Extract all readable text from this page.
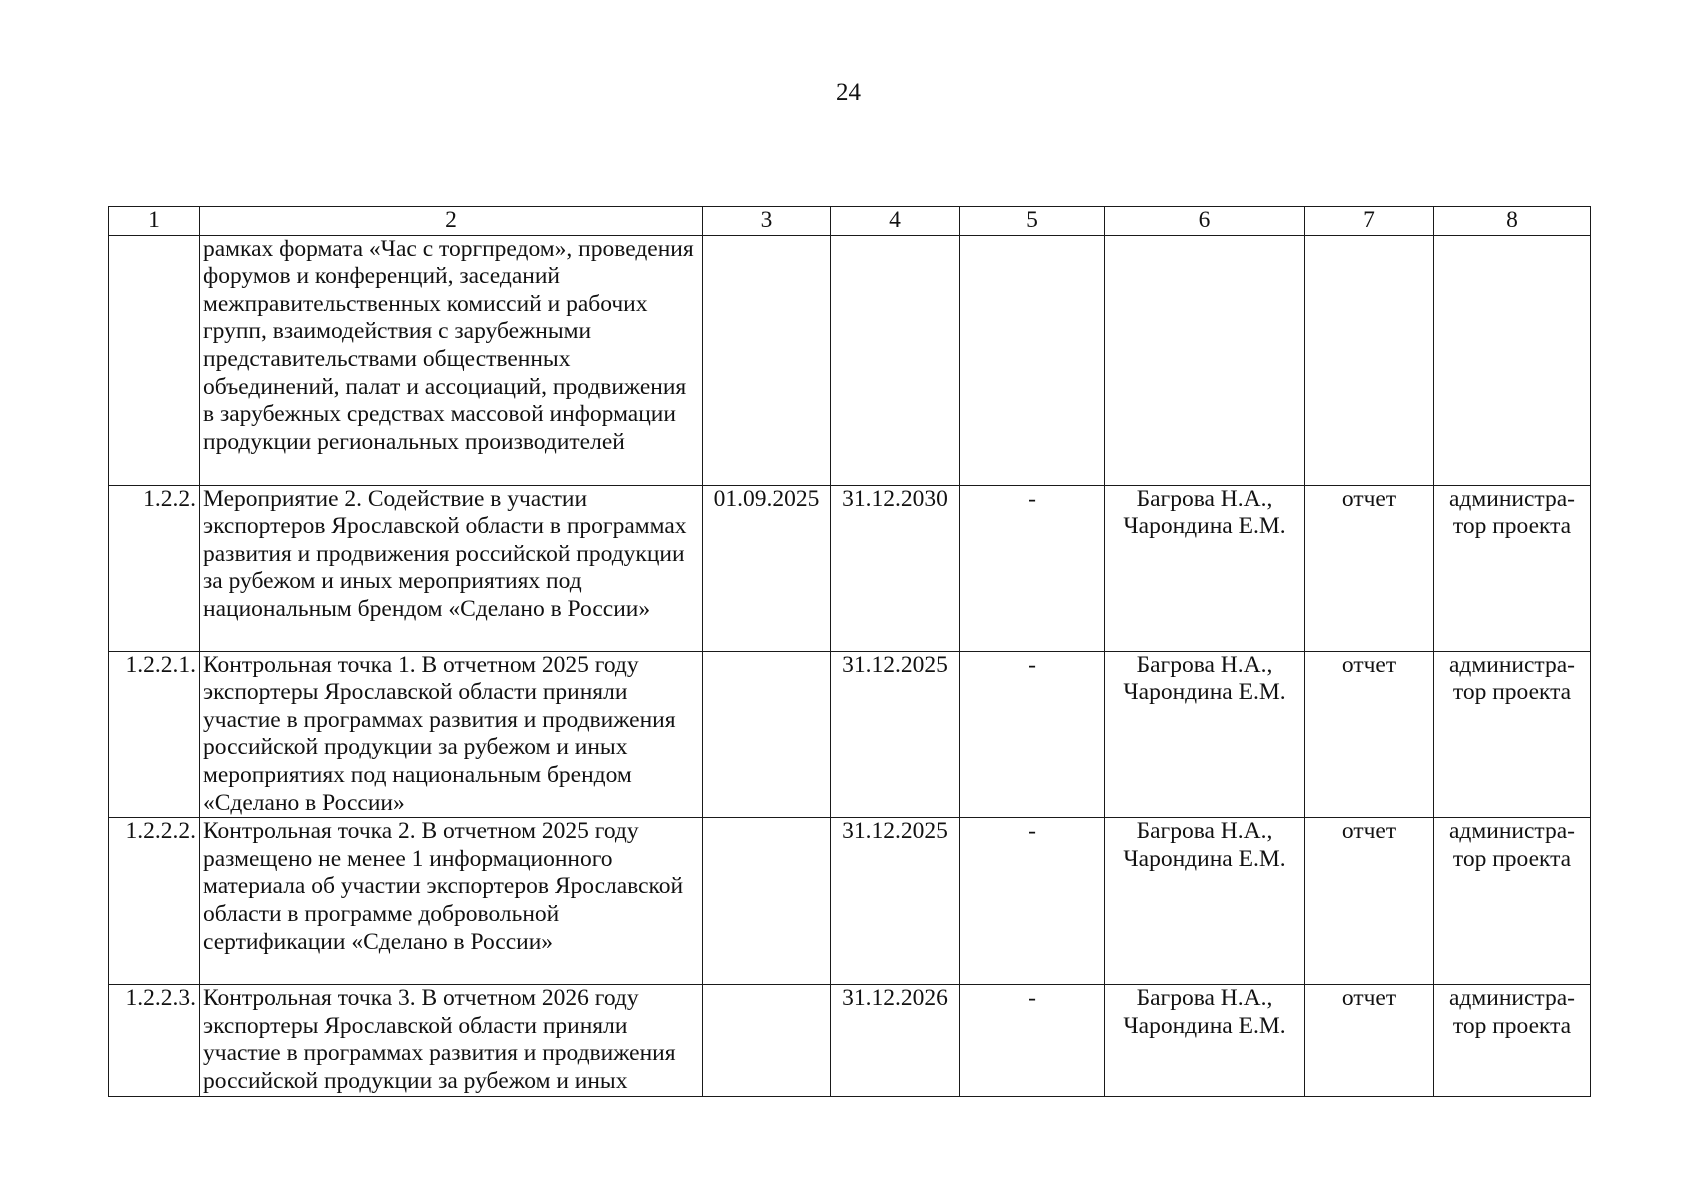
24
1	2	3	4	5	6	7	8
	рамках формата «Час с торгпредом», проведения форумов и конференций, заседаний межправительственных комиссий и рабочих групп, взаимодействия с зарубежными представительствами общественных объединений, палат и ассоциаций, продвижения в зарубежных средствах массовой информации продукции региональных производителей						
1.2.2.	Мероприятие 2. Содействие в участии экспортеров Ярославской области в программах развития и продвижения российской продукции за рубежом и иных мероприятиях под национальным брендом «Сделано в России»	01.09.2025	31.12.2030	-	Багрова Н.А., Чарондина Е.М.	отчет	администра-тор проекта
1.2.2.1.	Контрольная точка 1. В отчетном 2025 году экспортеры Ярославской области приняли участие в программах развития и продвижения российской продукции за рубежом и иных мероприятиях под национальным брендом «Сделано в России»		31.12.2025	-	Багрова Н.А., Чарондина Е.М.	отчет	администра-тор проекта
1.2.2.2.	Контрольная точка 2. В отчетном 2025 году размещено не менее 1 информационного материала об участии экспортеров Ярославской области в программе добровольной сертификации «Сделано в России»		31.12.2025	-	Багрова Н.А., Чарондина Е.М.	отчет	администра-тор проекта
1.2.2.3.	Контрольная точка 3. В отчетном 2026 году экспортеры Ярославской области приняли участие в программах развития и продвижения российской продукции за рубежом и иных		31.12.2026	-	Багрова Н.А., Чарондина Е.М.	отчет	администра-тор проекта
